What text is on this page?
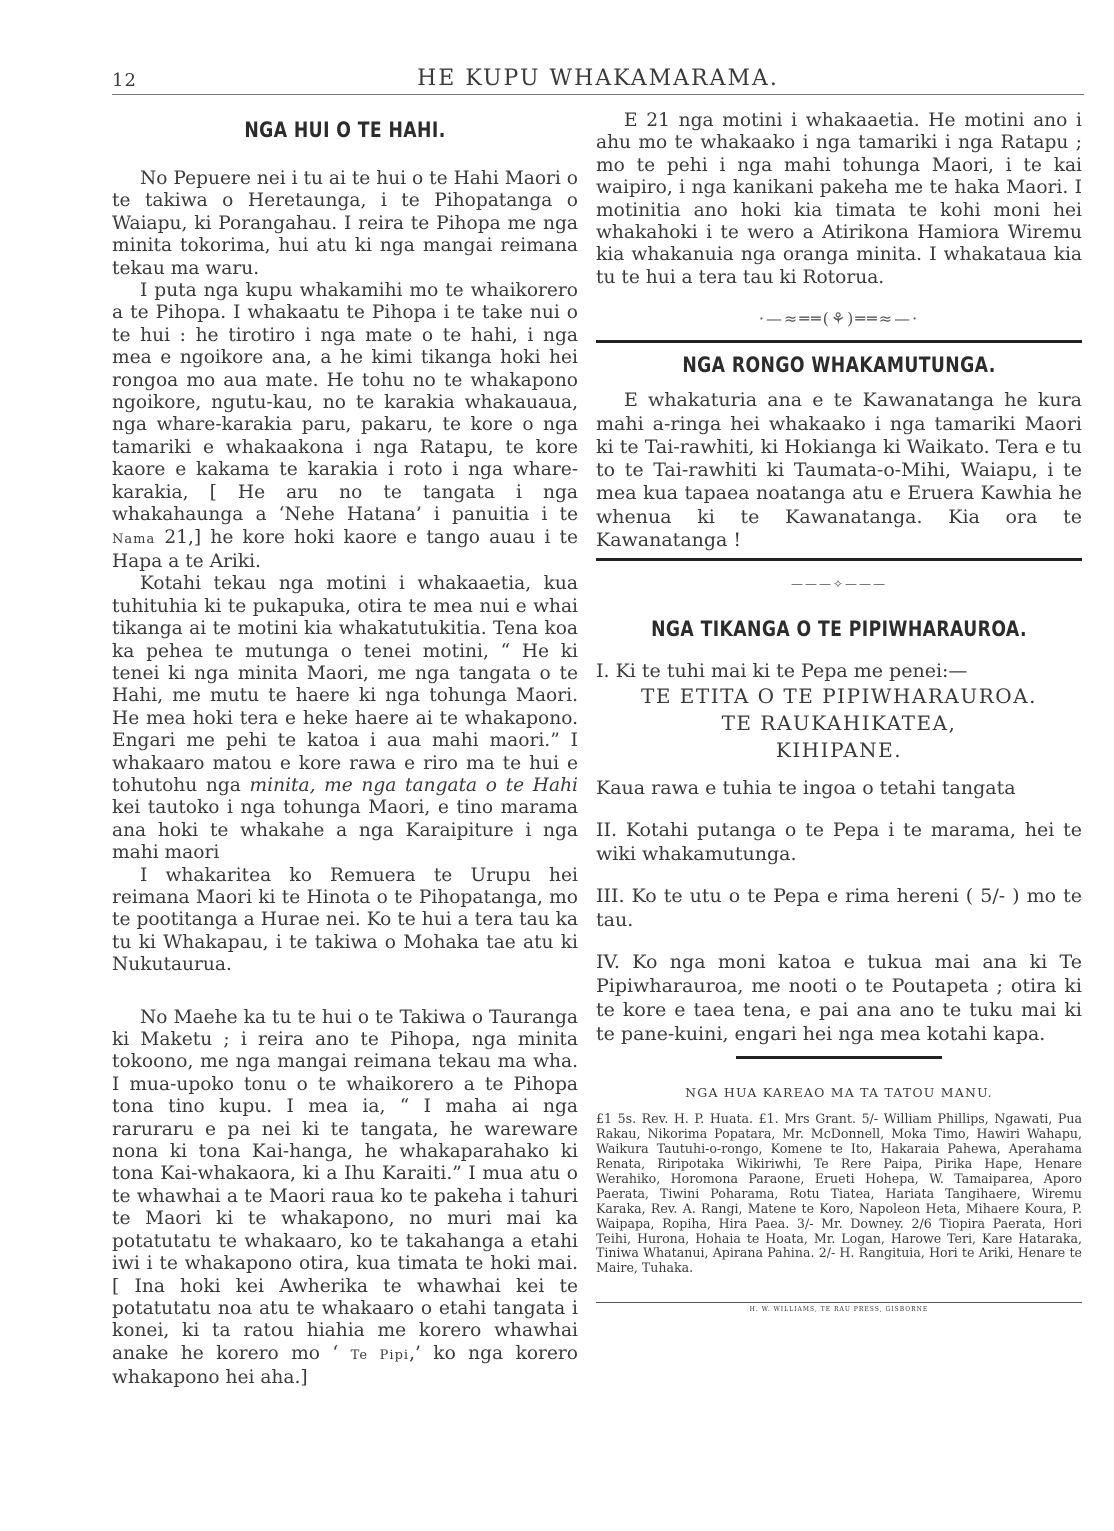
12	HE KUPU WHAKAMARAMA.
NGA HUI O TE HAHI.

No Pepuere nei i tu ai te hui o te Hahi Maori o te takiwa o Heretaunga, i te Pihopatanga o Waiapu, ki Porangahau. I reira te Pihopa me nga minita tokorima, hui atu ki nga mangai reimana tekau ma waru.

I puta nga kupu whakamihi mo te whaikorero a te Pihopa. I whakaatu te Pihopa i te take nui o te hui : he tirotiro i nga mate o te hahi, i nga mea e ngoikore ana, a he kimi tikanga hoki hei rongoa mo aua mate. He tohu no te whakapono ngoikore, ngutu-kau, no te karakia whakauaua, nga whare-karakia paru, pakaru, te kore o nga tamariki e whakaakona i nga Ratapu, te kore kaore e kakama te karakia i roto i nga whare-karakia, [ He aru no te tangata i nga whakahaunga a ‘Nehe Hatana’ i panuitia i te Nama 21,] he kore hoki kaore e tango auau i te Hapa a te Ariki.

Kotahi tekau nga motini i whakaaetia, kua tuhituhia ki te pukapuka, otira te mea nui e whai tikanga ai te motini kia whakatutukitia. Tena koa ka pehea te mutunga o tenei motini, “ He ki tenei ki nga minita Maori, me nga tangata o te Hahi, me mutu te haere ki nga tohunga Maori. He mea hoki tera e heke haere ai te whakapono. Engari me pehi te katoa i aua mahi maori.” I whakaaro matou e kore rawa e riro ma te hui e tohutohu nga minita, me nga tangata o te Hahi kei tautoko i nga tohunga Maori, e tino marama ana hoki te whakahe a nga Karaipiture i nga mahi maori

I whakaritea ko Remuera te Urupu hei reimana Maori ki te Hinota o te Pihopatanga, mo te pootitanga a Hurae nei. Ko te hui a tera tau ka tu ki Whakapau, i te takiwa o Mohaka tae atu ki Nukutaurua.

No Maehe ka tu te hui o te Takiwa o Tauranga ki Maketu ; i reira ano te Pihopa, nga minita tokoono, me nga mangai reimana tekau ma wha. I mua-upoko tonu o te whaikorero a te Pihopa tona tino kupu. I mea ia, “ I maha ai nga raruraru e pa nei ki te tangata, he wareware nona ki tona Kai-hanga, he whakaparahako ki tona Kai-whakaora, ki a Ihu Karaiti.” I mua atu o te whawhai a te Maori raua ko te pakeha i tahuri te Maori ki te whakapono, no muri mai ka potatutatu te whakaaro, ko te takahanga a etahi iwi i te whakapono otira, kua timata te hoki mai. [ Ina hoki kei Awherika te whawhai kei te potatutatu noa atu te whakaaro o etahi tangata i konei, ki ta ratou hiahia me korero whawhai anake he korero mo ‘ Te Pipi,’ ko nga korero whakapono hei aha.]

E 21 nga motini i whakaaetia. He motini ano i ahu mo te whakaako i nga tamariki i nga Ratapu ; mo te pehi i nga mahi tohunga Maori, i te kai waipiro, i nga kanikani pakeha me te haka Maori. I motinitia ano hoki kia timata te kohi moni hei whakahoki i te wero a Atirikona Hamiora Wiremu kia whakanuia nga oranga minita. I whakataua kia tu te hui a tera tau ki Rotorua.

·—≈══(⚘)══≈—·
NGA RONGO WHAKAMUTUNGA.

E whakaturia ana e te Kawanatanga he kura mahi a-ringa hei whakaako i nga tamariki Maori ki te Tai-rawhiti, ki Hokianga ki Waikato. Tera e tu to te Tai-rawhiti ki Taumata-o-Mihi, Waiapu, i te mea kua tapaea noatanga atu e Eruera Kawhia he whenua ki te Kawanatanga. Kia ora te Kawanatanga !

———✧———
NGA TIKANGA O TE PIPIWHARAUROA.
I. Ki te tuhi mai ki te Pepa me penei:—
TE ETITA O TE PIPIWHARAUROA.
TE RAUKAHIKATEA,
KIHIPANE.
Kaua rawa e tuhia te ingoa o tetahi tangata
II. Kotahi putanga o te Pepa i te marama, hei te wiki whakamutunga.
III. Ko te utu o te Pepa e rima hereni ( 5/- ) mo te tau.
IV. Ko nga moni katoa e tukua mai ana ki Te Pipiwharauroa, me nooti o te Poutapeta ; otira ki te kore e taea tena, e pai ana ano te tuku mai ki te pane-kuini, engari hei nga mea kotahi kapa.
NGA HUA KAREAO MA TA TATOU MANU.

£1 5s. Rev. H. P. Huata. £1. Mrs Grant. 5/- William Phillips, Ngawati, Pua Rakau, Nikorima Popatara, Mr. McDonnell, Moka Timo, Hawiri Wahapu, Waikura Tautuhi-o-rongo, Komene te Ito, Hakaraia Pahewa, Aperahama Renata, Riripotaka Wikiriwhi, Te Rere Paipa, Pirika Hape, Henare Werahiko, Horomona Paraone, Erueti Hohepa, W. Tamaiparea, Aporo Paerata, Tiwini Poharama, Rotu Tiatea, Hariata Tangihaere, Wiremu Karaka, Rev. A. Rangi, Matene te Koro, Napoleon Heta, Mihaere Koura, P. Waipapa, Ropiha, Hira Paea. 3/- Mr. Downey. 2/6 Tiopira Paerata, Hori Teihi, Hurona, Hohaia te Hoata, Mr. Logan, Harowe Teri, Kare Hataraka, Tiniwa Whatanui, Apirana Pahina. 2/- H. Rangituia, Hori te Ariki, Henare te Maire, Tuhaka.

H. W. WILLIAMS, TE RAU PRESS, GISBORNE
